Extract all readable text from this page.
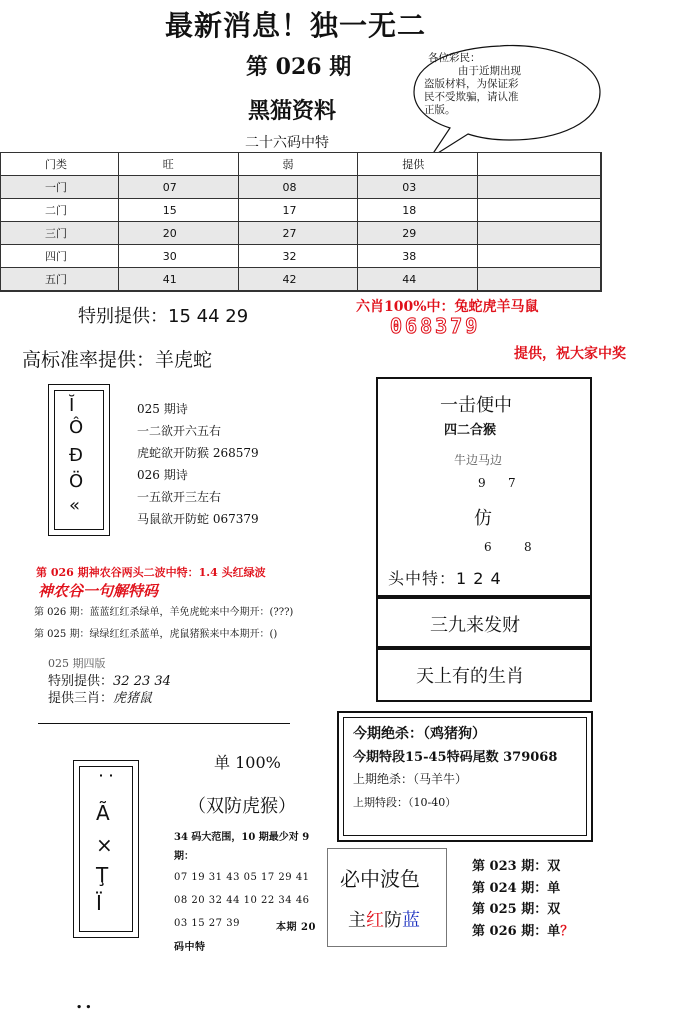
最新消息！独一无二
第 026 期
黑猫资料
二十六码中特
各位彩民：
由于近期出现
盗版材料，为保证彩
民不受欺骗，请认准
正版。
门类	旺	弱	提供	
一门	07	08	03	
二门	15	17	18	
三门	20	27	29	
四门	30	32	38	
五门	41	42	44	
特别提供：15 44 29
高标准率提供：羊虎蛇
六肖100%中：兔蛇虎羊马鼠
068379
提供，祝大家中奖
Ĭ
Ô
Ð
Ö
«
025 期诗
一二欲开六五右
虎蛇欲开防猴 268579
026 期诗
一五欲开三左右
马鼠欲开防蛇 067379
一击便中
四二合猴
牛边马边
9 7
仿
6	8
头中特：1 2 4
三九来发财
天上有的生肖
第 026 期神农谷两头二波中特：1.4 头红绿波
神农谷一句解特码
第 026 期：蓝蓝红红杀绿单，羊免虎蛇来中今期开：(???)
第 025 期：绿绿红红杀蓝单，虎鼠猪猴来中本期开：()
025 期四版
特别提供：32 23 34
提供三肖：虎猪鼠
今期绝杀：（鸡猪狗）
今期特段15-45特码尾数 379068
上期绝杀：（马羊牛）
上期特段：（10-40）
˙˙
Ã
×
Ţ
Ï
单 100%
（双防虎猴）
34 码大范围，10 期最少对 9 期：
07 19 31 43 05 17 29 41
08 20 32 44 10 22 34 46
03 15 27 39	本期 20
码中特
必中波色
主红防蓝
第 023 期：双
第 024 期：单
第 025 期：双
第 026 期：单？
..
